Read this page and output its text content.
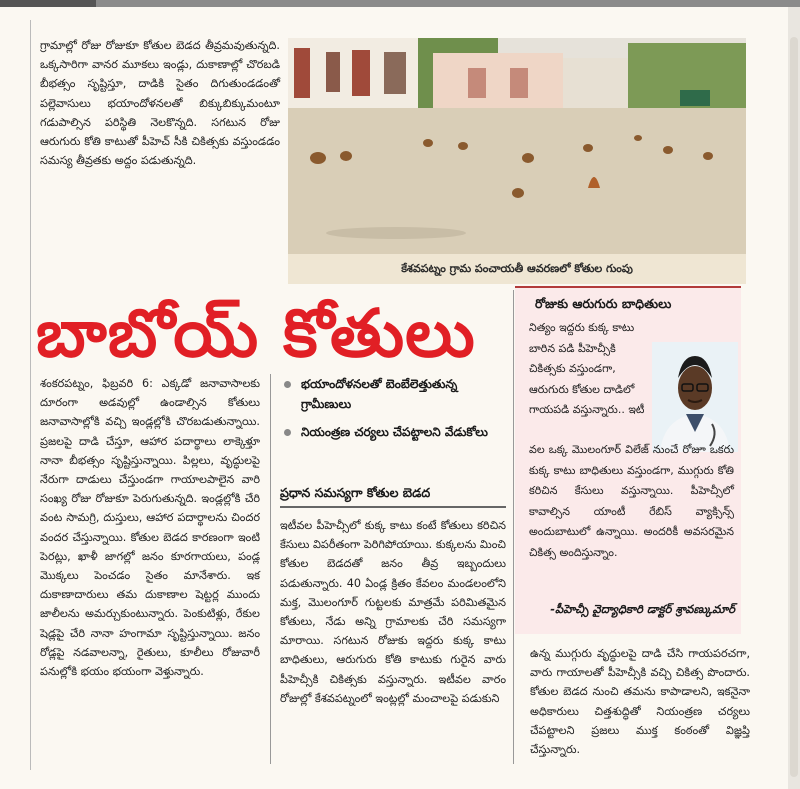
గ్రామాల్లో రోజు రోజుకూ కోతుల బెడద తీవ్రమవుతున్నది. ఒక్కసారిగా వానర మూకలు ఇండ్లు, దుకాణాల్లో చొరబడి బీభత్సం సృష్టిస్తూ, దాడికి సైతం దిగుతుండడంతో పల్లెవాసులు భయాందోళనలతో బిక్కుబిక్కుమంటూ గడుపాల్సిన పరిస్థితి నెలకొన్నది. సగటున రోజు ఆరుగురు కోతి కాటుతో పీహెచ్ సీకి చికిత్సకు వస్తుండడం సమస్య తీవ్రతకు అద్దం పడుతున్నది.
కేశవపట్నం గ్రామ పంచాయతీ ఆవరణలో కోతుల గుంపు
బాబోయ్ కోతులు
శంకరపట్నం, ఫిబ్రవరి 6: ఎక్కడో జనావాసాలకు దూరంగా అడవుల్లో ఉండాల్సిన కోతులు జనావాసాల్లోకి వచ్చి ఇండ్లల్లోకి చొరబడుతున్నాయి. ప్రజలపై దాడి చేస్తూ, ఆహార పదార్థాలు లాక్కెళ్తూ నానా బీభత్సం సృష్టిస్తున్నాయి. పిల్లలు, వృద్ధులపై నేరుగా దాడులు చేస్తుండగా గాయాలపాలైన వారి సంఖ్య రోజు రోజుకూ పెరుగుతున్నది. ఇండ్లల్లోకి చేరి వంట సామగ్రి, దుస్తులు, ఆహార పదార్థాలను చిందర వందర చేస్తున్నాయి. కోతుల బెడద కారణంగా ఇంటి పెరట్లు, ఖాళీ జాగల్లో జనం కూరగాయలు, పండ్ల మొక్కలు పెంచడం సైతం మానేశారు. ఇక దుకాణాదారులు తమ దుకాణాల షెట్టర్ల ముందు జాలీలను అమర్చుకుంటున్నారు. పెంకుటిళ్లు, రేకుల షెడ్లపై చేరి నానా హంగామా సృష్టిస్తున్నాయి. జనం రోడ్లపై నడవాలన్నా, రైతులు, కూలీలు రోజువారీ పనుల్లోకి భయం భయంగా వెళ్తున్నారు.
భయాందోళనలతో బెంబేలెత్తుతున్న గ్రామీణులు
నియంత్రణ చర్యలు చేపట్టాలని వేడుకోలు
ప్రధాన సమస్యగా కోతుల బెడద
ఇటీవల పీహెచ్సీలో కుక్క కాటు కంటే కోతులు కరిచిన కేసులు విపరీతంగా పెరిగిపోయాయి. కుక్కలను మించి కోతుల బెడదతో జనం తీవ్ర ఇబ్బందులు పడుతున్నారు. 40 ఏండ్ల క్రితం కేవలం మండలంలోని మక్త, మొలంగూర్ గుట్టలకు మాత్రమే పరిమితమైన కోతులు, నేడు అన్ని గ్రామాలకు చేరి సమస్యగా మారాయి. సగటున రోజుకు ఇద్దరు కుక్క కాటు బాధితులు, ఆరుగురు కోతి కాటుకు గురైన వారు పీహెచ్సీకి చికిత్సకు వస్తున్నారు. ఇటీవల వారం రోజుల్లో కేశవపట్నంలో ఇంట్లల్లో మంచాలపై పడుకుని
రోజుకు ఆరుగురు బాధితులు
నిత్యం ఇద్దరు కుక్క కాటు బారిన పడి పీహెచ్సీకి చికిత్సకు వస్తుండగా, ఆరుగురు కోతుల దాడిలో గాయపడి వస్తున్నారు.. ఇటీ
వల ఒక్క మొలంగూర్ విలేజ్ నుంచే రోజూ ఒకరు కుక్క కాటు బాధితులు వస్తుండగా, ముగ్గురు కోతి కరిచిన కేసులు వస్తున్నాయి. పీహెచ్సీలో కావాల్సిన యాంటీ రేబిస్ వ్యాక్సిన్స్ అందుబాటులో ఉన్నాయి. అందరికీ అవసరమైన చికిత్స అందిస్తున్నాం.
-పీహెచ్సీ వైద్యాధికారి డాక్టర్ శ్రావణ్కుమార్
ఉన్న ముగ్గురు వృద్ధులపై దాడి చేసి గాయపరచగా, వారు గాయాలతో పీహెచ్సీకి వచ్చి చికిత్స పొందారు. కోతుల బెడద నుంచి తమను కాపాడాలని, ఇకనైనా అధికారులు చిత్తశుద్ధితో నియంత్రణ చర్యలు చేపట్టాలని ప్రజలు ముక్త కంఠంతో విజ్ఞప్తి చేస్తున్నారు.
